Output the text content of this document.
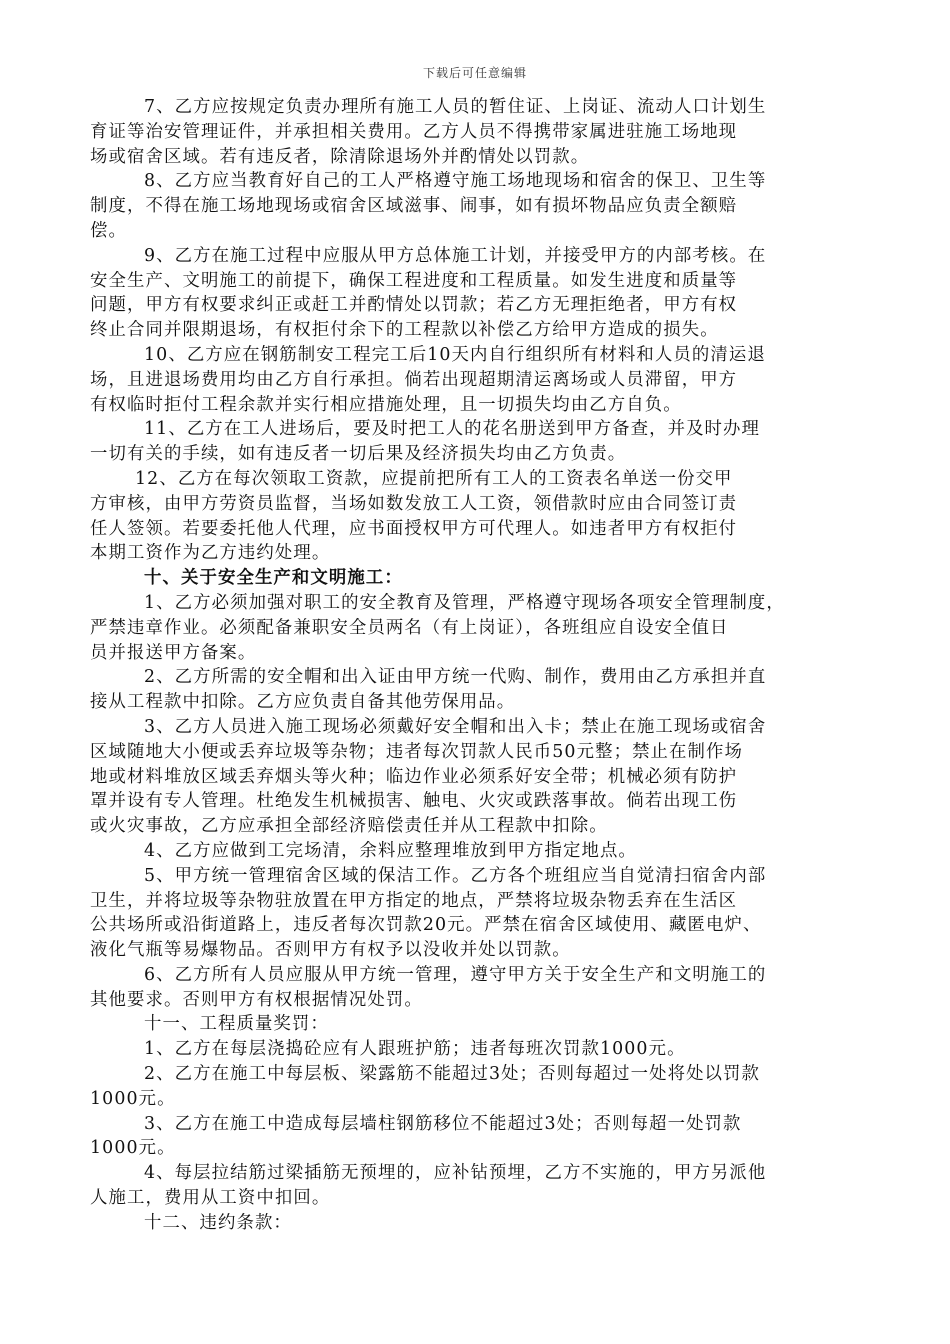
下载后可任意编辑
7、乙方应按规定负责办理所有施工人员的暂住证、上岗证、流动人口计划生
育证等治安管理证件，并承担相关费用。乙方人员不得携带家属进驻施工场地现
场或宿舍区域。若有违反者，除清除退场外并酌情处以罚款。
8、乙方应当教育好自己的工人严格遵守施工场地现场和宿舍的保卫、卫生等
制度，不得在施工场地现场或宿舍区域滋事、闹事，如有损坏物品应负责全额赔
偿。
9、乙方在施工过程中应服从甲方总体施工计划，并接受甲方的内部考核。在
安全生产、文明施工的前提下，确保工程进度和工程质量。如发生进度和质量等
问题，甲方有权要求纠正或赶工并酌情处以罚款；若乙方无理拒绝者，甲方有权
终止合同并限期退场，有权拒付余下的工程款以补偿乙方给甲方造成的损失。
10、乙方应在钢筋制安工程完工后10天内自行组织所有材料和人员的清运退
场，且进退场费用均由乙方自行承担。倘若出现超期清运离场或人员滞留，甲方
有权临时拒付工程余款并实行相应措施处理，且一切损失均由乙方自负。
11、乙方在工人进场后，要及时把工人的花名册送到甲方备查，并及时办理
一切有关的手续，如有违反者一切后果及经济损失均由乙方负责。
12、乙方在每次领取工资款，应提前把所有工人的工资表名单送一份交甲
方审核，由甲方劳资员监督，当场如数发放工人工资，领借款时应由合同签订责
任人签领。若要委托他人代理，应书面授权甲方可代理人。如违者甲方有权拒付
本期工资作为乙方违约处理。
十、关于安全生产和文明施工：
1、乙方必须加强对职工的安全教育及管理，严格遵守现场各项安全管理制度，
严禁违章作业。必须配备兼职安全员两名（有上岗证），各班组应自设安全值日
员并报送甲方备案。
2、乙方所需的安全帽和出入证由甲方统一代购、制作，费用由乙方承担并直
接从工程款中扣除。乙方应负责自备其他劳保用品。
3、乙方人员进入施工现场必须戴好安全帽和出入卡；禁止在施工现场或宿舍
区域随地大小便或丢弃垃圾等杂物；违者每次罚款人民币50元整；禁止在制作场
地或材料堆放区域丢弃烟头等火种；临边作业必须系好安全带；机械必须有防护
罩并设有专人管理。杜绝发生机械损害、触电、火灾或跌落事故。倘若出现工伤
或火灾事故，乙方应承担全部经济赔偿责任并从工程款中扣除。
4、乙方应做到工完场清，余料应整理堆放到甲方指定地点。
5、甲方统一管理宿舍区域的保洁工作。乙方各个班组应当自觉清扫宿舍内部
卫生，并将垃圾等杂物驻放置在甲方指定的地点，严禁将垃圾杂物丢弃在生活区
公共场所或沿街道路上，违反者每次罚款20元。严禁在宿舍区域使用、藏匿电炉、
液化气瓶等易爆物品。否则甲方有权予以没收并处以罚款。
6、乙方所有人员应服从甲方统一管理，遵守甲方关于安全生产和文明施工的
其他要求。否则甲方有权根据情况处罚。
十一、工程质量奖罚：
1、乙方在每层浇捣砼应有人跟班护筋；违者每班次罚款1000元。
2、乙方在施工中每层板、梁露筋不能超过3处；否则每超过一处将处以罚款
1000元。
3、乙方在施工中造成每层墙柱钢筋移位不能超过3处；否则每超一处罚款
1000元。
4、每层拉结筋过梁插筋无预埋的，应补钻预埋，乙方不实施的，甲方另派他
人施工，费用从工资中扣回。
十二、违约条款：
